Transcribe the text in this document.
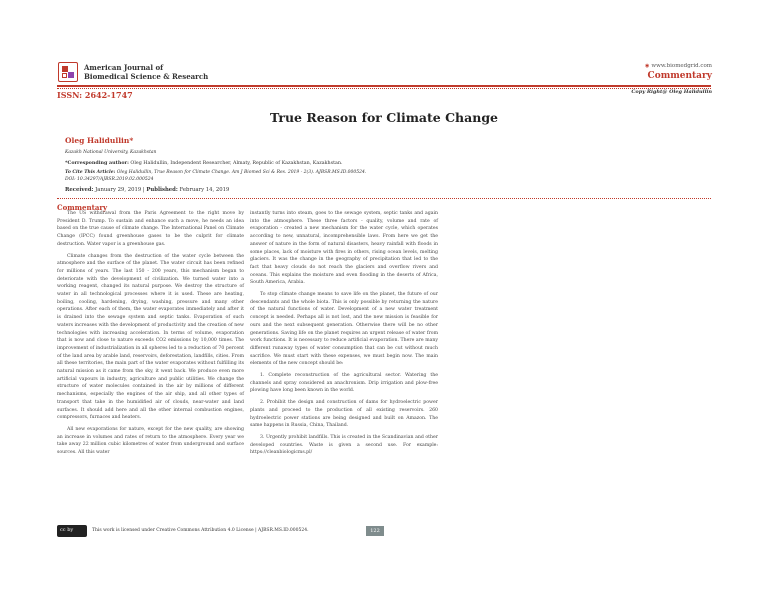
American Journal of
Biomedical Science & Research
◉ www.biomedgrid.com
Commentary
ISSN: 2642-1747	Copy Right@ Oleg Halidullin
True Reason for Climate Change
Oleg Halidullin*
Kazakh National University, Kazakhstan
*Corresponding author: Oleg Halidullin, Independent Researcher, Almaty, Republic of Kazakhstan, Kazakhstan.
To Cite This Article: Oleg Halidullin, True Reason for Climate Change. Am J Biomed Sci & Res. 2019 - 2(3). AJBSR.MS.ID.000524.
DOI: 10.34297/AJBSR.2019.02.000524
Received: January 29, 2019 | Published: February 14, 2019
Commentary

The US withdrawal from the Paris Agreement to the right move by President D. Trump. To sustain and enhance such a move, he needs an idea based on the true cause of climate change. The International Panel on Climate Change (IPCC) found greenhouse gases to be the culprit for climate destruction. Water vapor is a greenhouse gas.

Climate changes from the destruction of the water cycle between the atmosphere and the surface of the planet. The water circuit has been refined for millions of years. The last 150 - 200 years, this mechanism began to deteriorate with the development of civilization. We turned water into a working reagent, changed its natural purpose. We destroy the structure of water in all technological processes where it is used. These are heating, boiling, cooling, hardening, drying, washing, pressure and many other operations. After each of them, the water evaporates immediately and after it is drained into the sewage system and septic tanks. Evaporation of such waters increases with the development of productivity and the creation of new technologies with increasing acceleration. In terms of volume, evaporation that is now and close to nature exceeds CO2 emissions by 10,000 times. The improvement of industrialization in all spheres led to a reduction of 70 percent of the land area by arable land, reservoirs, deforestation, landfills, cities. From all these territories, the main part of the water evaporates without fulfilling its natural mission as it came from the sky, it went back. We produce even more artificial vapours in industry, agriculture and public utilities. We change the structure of water molecules contained in the air by millions of different mechanisms, especially the engines of the air ship, and all other types of transport that take in the humidified air of clouds, near-water and land surfaces. It should add here and all the other internal combustion engines, compressors, furnaces and heaters.

All new evaporations for nature, except for the new quality, are showing an increase in volumes and rates of return to the atmosphere. Every year we take away 22 million cubic kilometres of water from underground and surface sources. All this water

instantly turns into steam, goes to the sewage system, septic tanks and again into the atmosphere. These three factors - quality, volume and rate of evaporation - created a new mechanism for the water cycle, which operates according to new, unnatural, incomprehensible laws. From here we get the answer of nature in the form of natural disasters, heavy rainfall with floods in some places, lack of moisture with fires in others, rising ocean levels, melting glaciers. It was the change in the geography of precipitation that led to the fact that heavy clouds do not reach the glaciers and overflow rivers and oceans. This explains the moisture and even flooding in the deserts of Africa, South America, Arabia.

To stop climate change means to save life on the planet, the future of our descendants and the whole biota. This is only possible by returning the nature of the natural functions of water. Development of a new water treatment concept is needed. Perhaps all is not lost, and the new mission is feasible for ours and the next subsequent generation. Otherwise there will be no other generations. Saving life on the planet requires an urgent release of water from work functions. It is necessary to reduce artificial evaporation. There are many different runaway types of water consumption that can be cut without much sacrifice. We must start with these expenses, we must begin now. The main elements of the new concept should be:

1. Complete reconstruction of the agricultural sector. Watering the channels and spray considered an anachronism. Drip irrigation and plow-free plowing have long been known in the world.

2. Prohibit the design and construction of dams for hydroelectric power plants and proceed to the production of all existing reservoirs. 260 hydroelectric power stations are being designed and built on Amazon. The same happens in Russia, China, Thailand.

3. Urgently prohibit landfills. This is created in the Scandinavian and other developed countries. Waste is given a second use. For example: https://cleanbiologicms.pl/

cc by	This work is licensed under Creative Commons Attribution 4.0 License | AJBSR.MS.ID.000524.	122
